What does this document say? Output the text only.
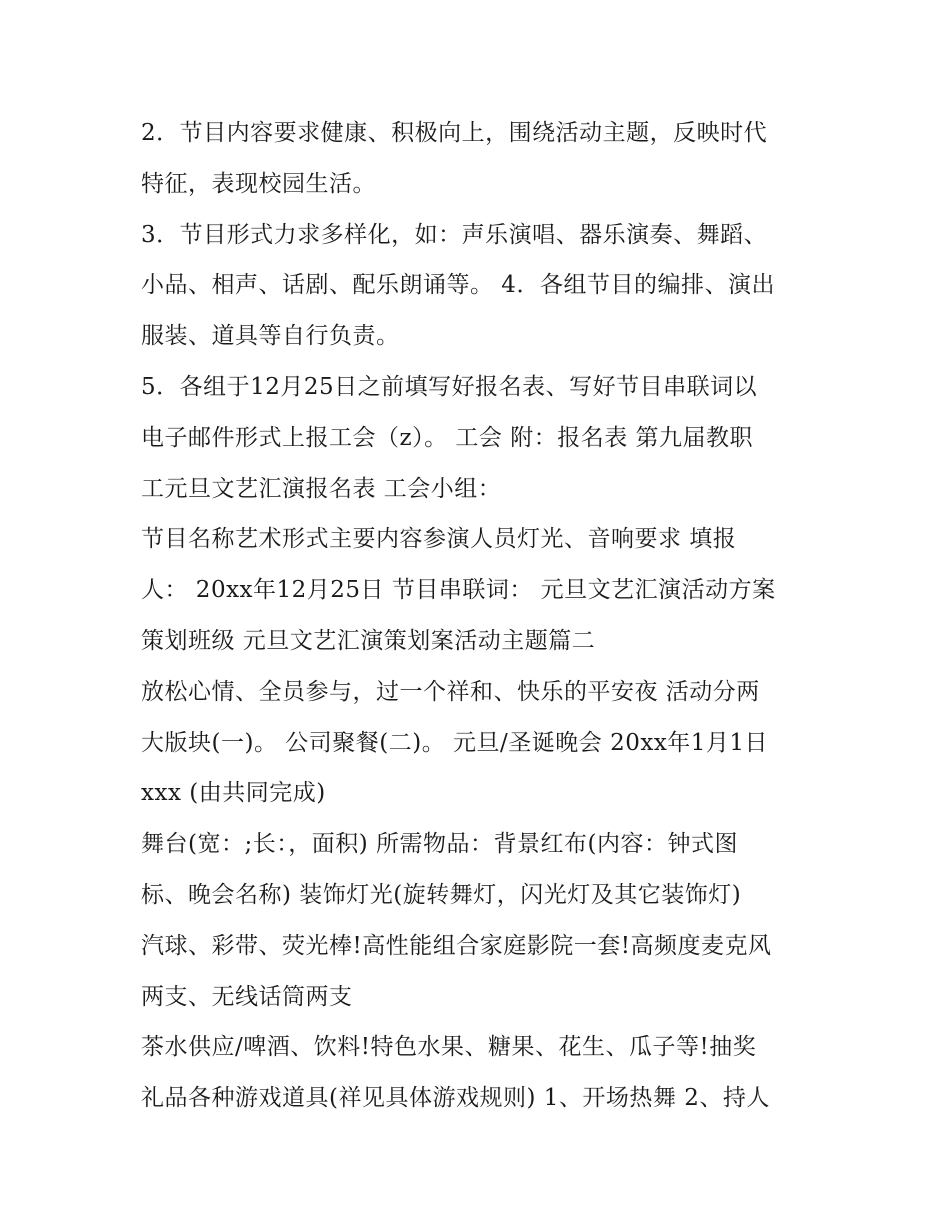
2．节目内容要求健康、积极向上，围绕活动主题，反映时代
特征，表现校园生活。
3．节目形式力求多样化，如：声乐演唱、器乐演奏、舞蹈、
小品、相声、话剧、配乐朗诵等。 4．各组节目的编排、演出
服装、道具等自行负责。
5．各组于12月25日之前填写好报名表、写好节目串联词以
电子邮件形式上报工会（z）。 工会 附：报名表 第九届教职
工元旦文艺汇演报名表 工会小组：
节目名称艺术形式主要内容参演人员灯光、音响要求 填报
人： 20xx年12月25日 节目串联词： 元旦文艺汇演活动方案
策划班级 元旦文艺汇演策划案活动主题篇二
放松心情、全员参与，过一个祥和、快乐的平安夜 活动分两
大版块(一)。 公司聚餐(二)。 元旦/圣诞晚会 20xx年1月1日
xxx (由共同完成)
舞台(宽：;长：，面积) 所需物品：背景红布(内容：钟式图
标、晚会名称) 装饰灯光(旋转舞灯，闪光灯及其它装饰灯)
汽球、彩带、荧光棒!高性能组合家庭影院一套!高频度麦克风
两支、无线话筒两支
茶水供应/啤酒、饮料!特色水果、糖果、花生、瓜子等!抽奖
礼品各种游戏道具(祥见具体游戏规则) 1、开场热舞 2、持人
